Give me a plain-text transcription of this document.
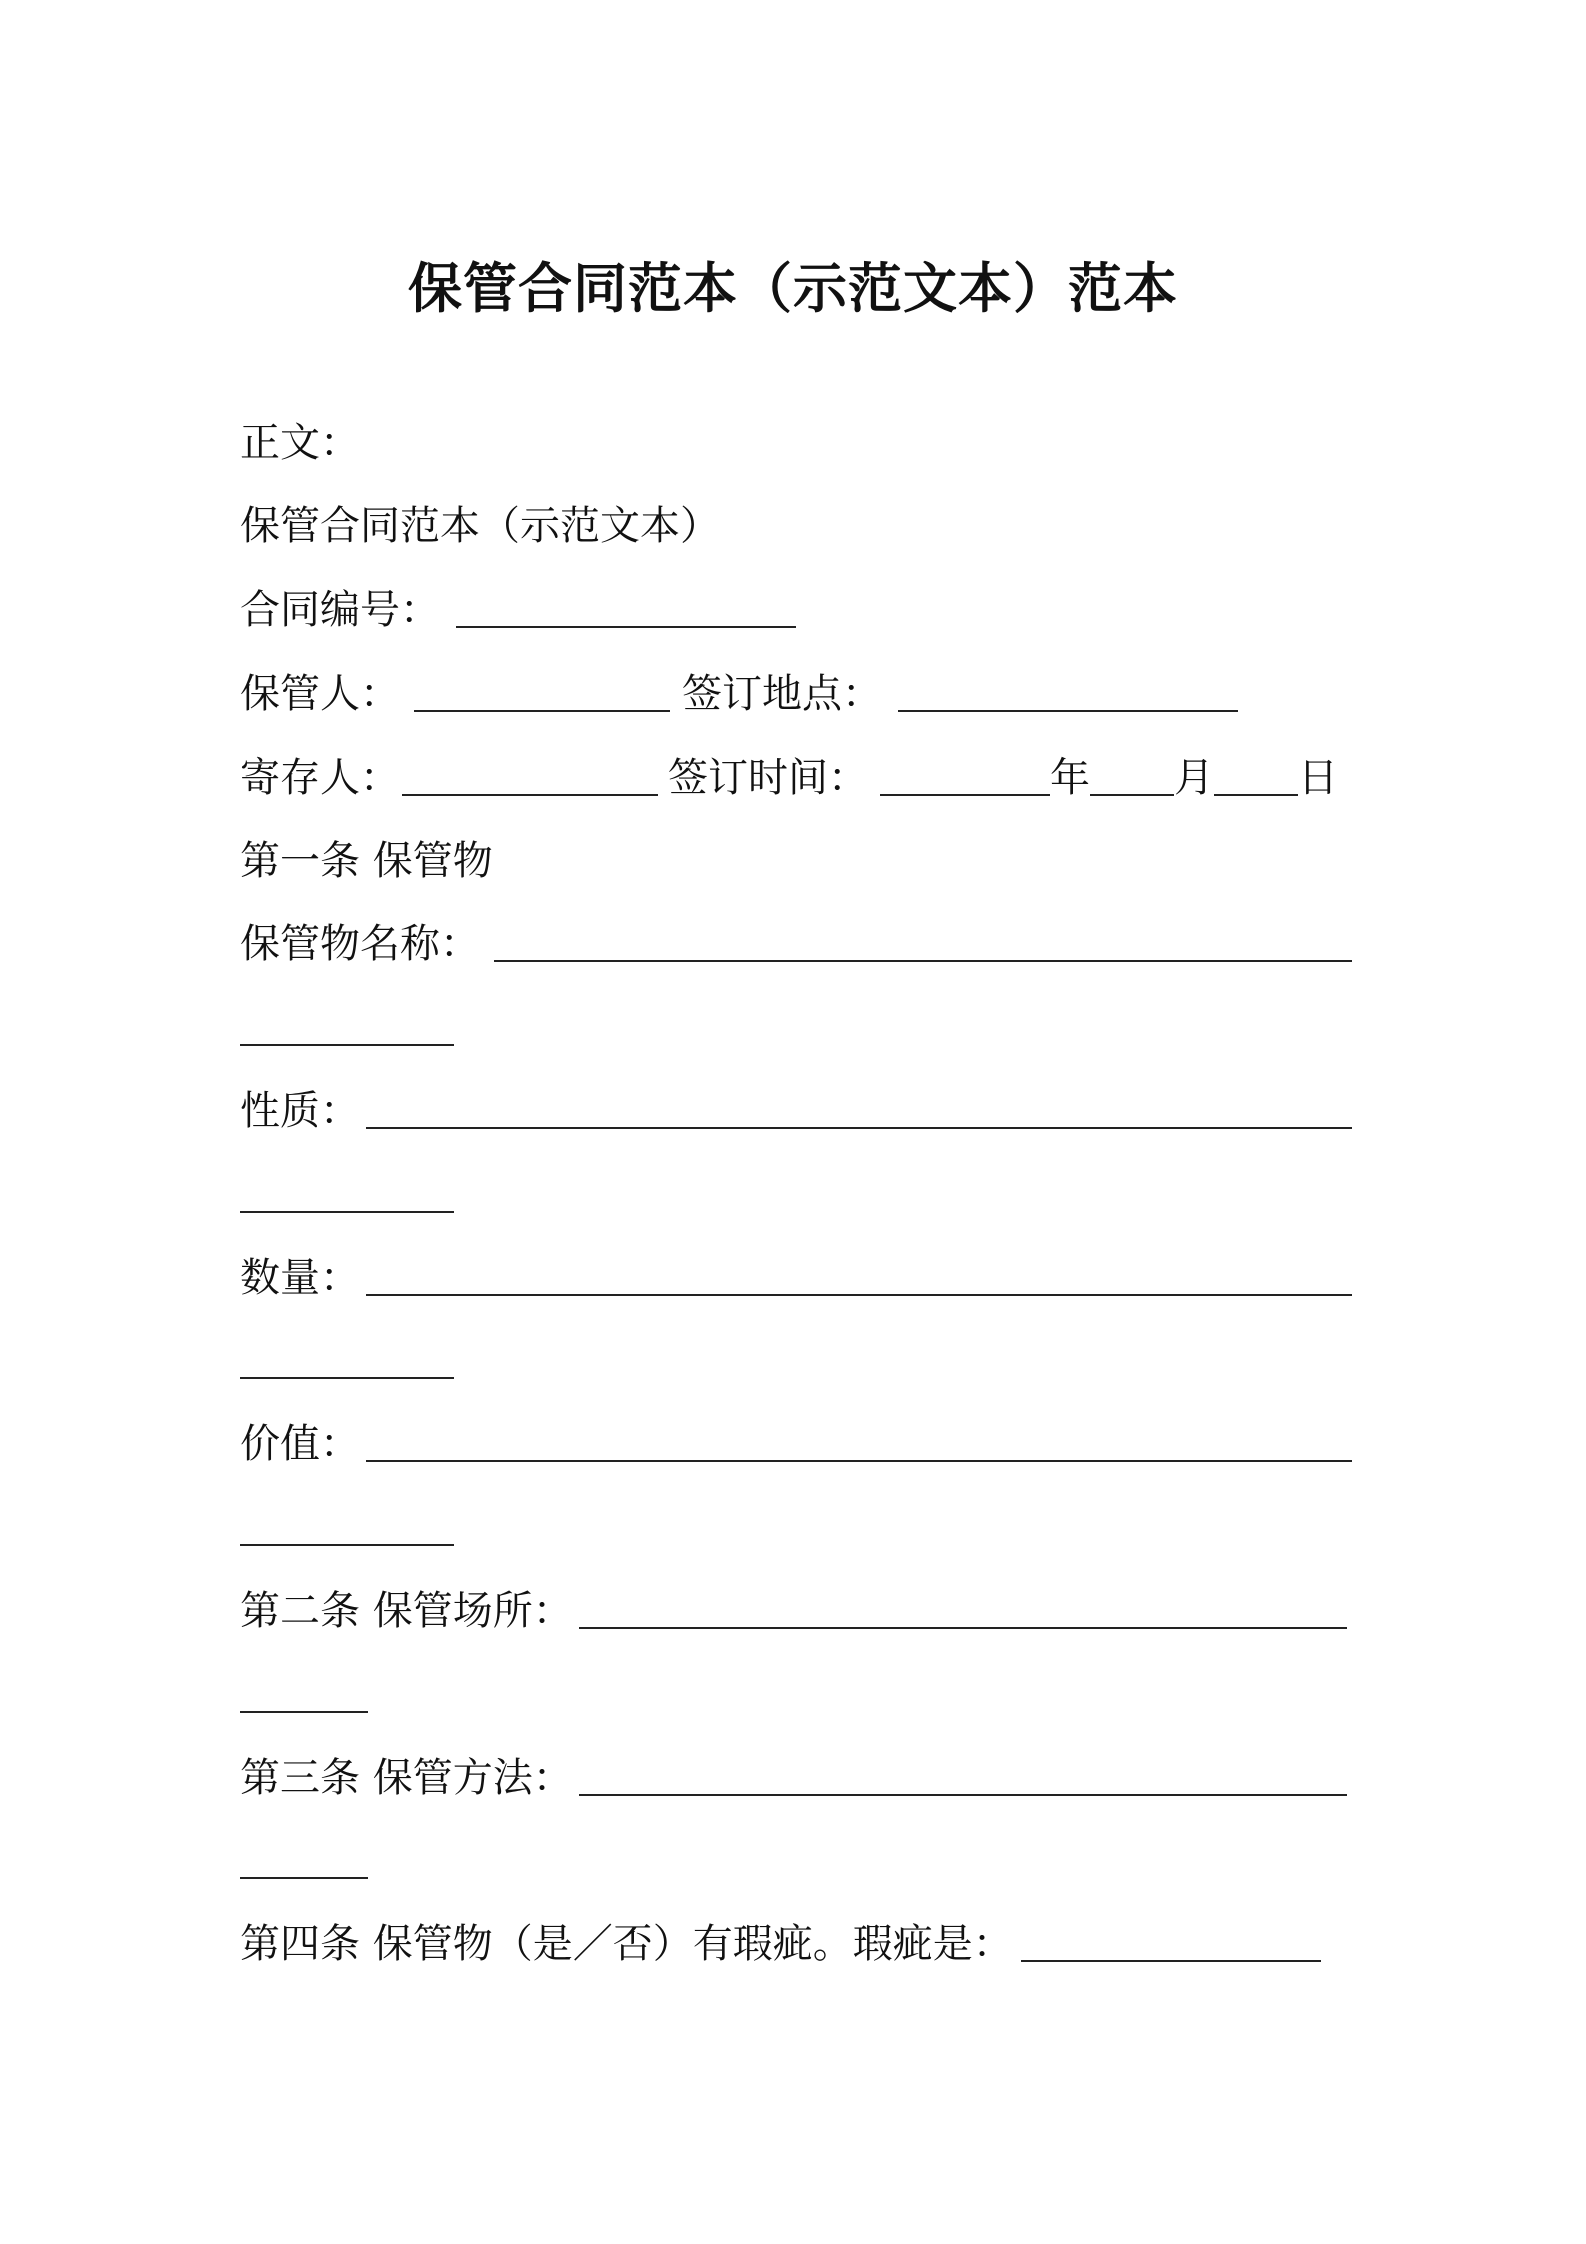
保管合同范本（示范文本）范本
正文：
保管合同范本（示范文本）
合同编号：
保管人：	签订地点：
寄存人：	签订时间：	年 月 日
第一条 保管物
保管物名称：
性质：
数量：
价值：
第二条 保管场所：
第三条 保管方法：
第四条 保管物（是／否）有瑕疵。瑕疵是：
